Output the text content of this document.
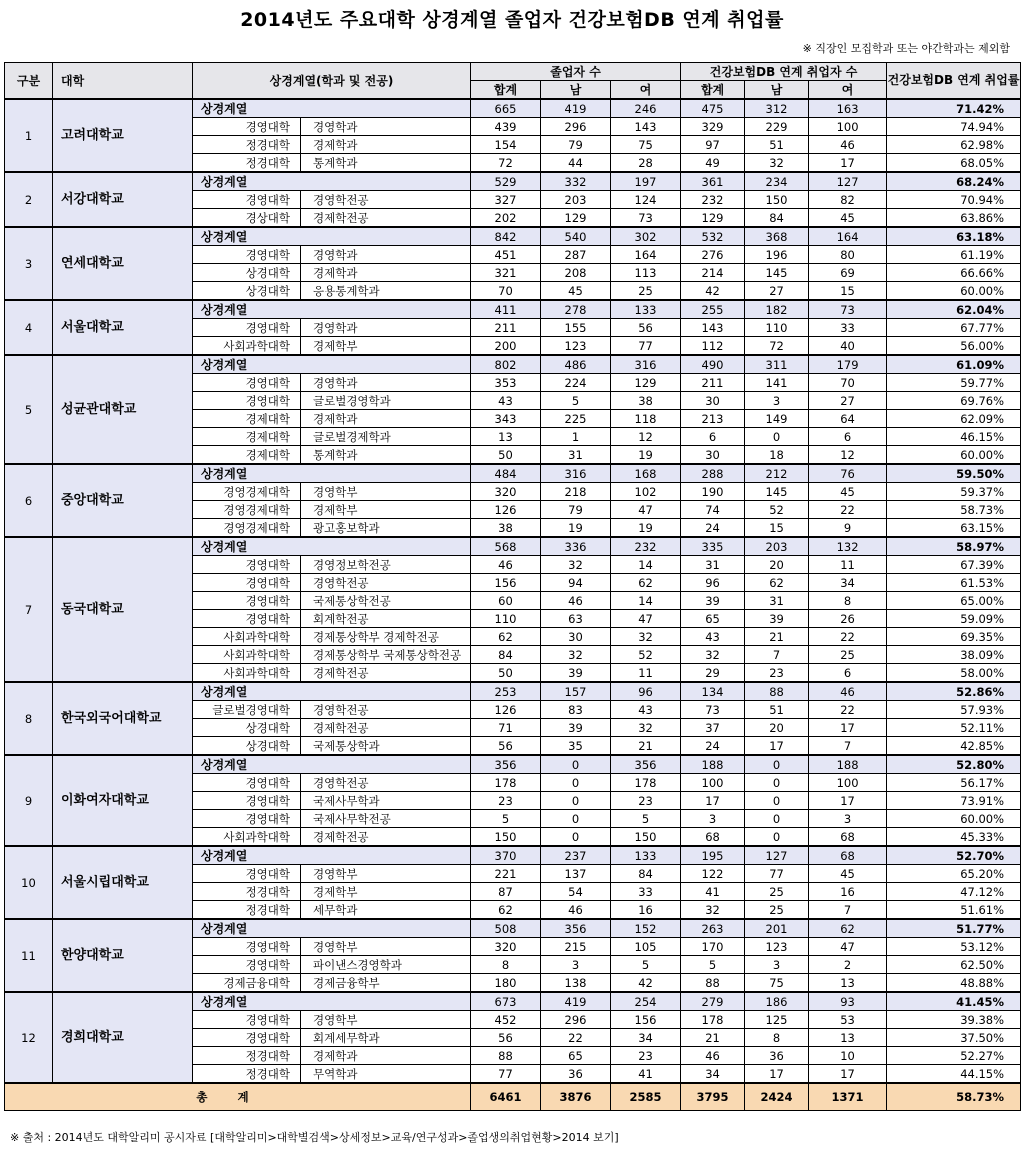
2014년도 주요대학 상경계열 졸업자 건강보험DB 연계 취업률
※ 직장인 모집학과 또는 야간학과는 제외함
구분	대학	상경계열(학과 및 전공)		졸업자 수			건강보험DB 연계 취업자 수			건강보험DB 연계 취업률
				합계	남	여	합계	남	여	
1	고려대학교	상경계열		665	419	246	475	312	163	71.42%
		경영대학	경영학과	439	296	143	329	229	100	74.94%
		정경대학	경제학과	154	79	75	97	51	46	62.98%
		정경대학	통계학과	72	44	28	49	32	17	68.05%
2	서강대학교	상경계열		529	332	197	361	234	127	68.24%
		경영대학	경영학전공	327	203	124	232	150	82	70.94%
		경상대학	경제학전공	202	129	73	129	84	45	63.86%
3	연세대학교	상경계열		842	540	302	532	368	164	63.18%
		경영대학	경영학과	451	287	164	276	196	80	61.19%
		상경대학	경제학과	321	208	113	214	145	69	66.66%
		상경대학	응용통계학과	70	45	25	42	27	15	60.00%
4	서울대학교	상경계열		411	278	133	255	182	73	62.04%
		경영대학	경영학과	211	155	56	143	110	33	67.77%
		사회과학대학	경제학부	200	123	77	112	72	40	56.00%
5	성균관대학교	상경계열		802	486	316	490	311	179	61.09%
		경영대학	경영학과	353	224	129	211	141	70	59.77%
		경영대학	글로벌경영학과	43	5	38	30	3	27	69.76%
		경제대학	경제학과	343	225	118	213	149	64	62.09%
		경제대학	글로벌경제학과	13	1	12	6	0	6	46.15%
		경제대학	통계학과	50	31	19	30	18	12	60.00%
6	중앙대학교	상경계열		484	316	168	288	212	76	59.50%
		경영경제대학	경영학부	320	218	102	190	145	45	59.37%
		경영경제대학	경제학부	126	79	47	74	52	22	58.73%
		경영경제대학	광고홍보학과	38	19	19	24	15	9	63.15%
7	동국대학교	상경계열		568	336	232	335	203	132	58.97%
		경영대학	경영정보학전공	46	32	14	31	20	11	67.39%
		경영대학	경영학전공	156	94	62	96	62	34	61.53%
		경영대학	국제통상학전공	60	46	14	39	31	8	65.00%
		경영대학	회계학전공	110	63	47	65	39	26	59.09%
		사회과학대학	경제통상학부 경제학전공	62	30	32	43	21	22	69.35%
		사회과학대학	경제통상학부 국제통상학전공	84	32	52	32	7	25	38.09%
		사회과학대학	경제학전공	50	39	11	29	23	6	58.00%
8	한국외국어대학교	상경계열		253	157	96	134	88	46	52.86%
		글로벌경영대학	경영학전공	126	83	43	73	51	22	57.93%
		상경대학	경제학전공	71	39	32	37	20	17	52.11%
		상경대학	국제통상학과	56	35	21	24	17	7	42.85%
9	이화여자대학교	상경계열		356	0	356	188	0	188	52.80%
		경영대학	경영학전공	178	0	178	100	0	100	56.17%
		경영대학	국제사무학과	23	0	23	17	0	17	73.91%
		경영대학	국제사무학전공	5	0	5	3	0	3	60.00%
		사회과학대학	경제학전공	150	0	150	68	0	68	45.33%
10	서울시립대학교	상경계열		370	237	133	195	127	68	52.70%
		경영대학	경영학부	221	137	84	122	77	45	65.20%
		정경대학	경제학부	87	54	33	41	25	16	47.12%
		정경대학	세무학과	62	46	16	32	25	7	51.61%
11	한양대학교	상경계열		508	356	152	263	201	62	51.77%
		경영대학	경영학부	320	215	105	170	123	47	53.12%
		경영대학	파이낸스경영학과	8	3	5	5	3	2	62.50%
		경제금융대학	경제금융학부	180	138	42	88	75	13	48.88%
12	경희대학교	상경계열		673	419	254	279	186	93	41.45%
		경영대학	경영학부	452	296	156	178	125	53	39.38%
		경영대학	회계세무학과	56	22	34	21	8	13	37.50%
		정경대학	경제학과	88	65	23	46	36	10	52.27%
		정경대학	무역학과	77	36	41	34	17	17	44.15%
총계				6461	3876	2585	3795	2424	1371	58.73%
※ 출처 : 2014년도 대학알리미 공시자료 [대학알리미>대학별검색>상세정보>교육/연구성과>졸업생의취업현황>2014 보기]
